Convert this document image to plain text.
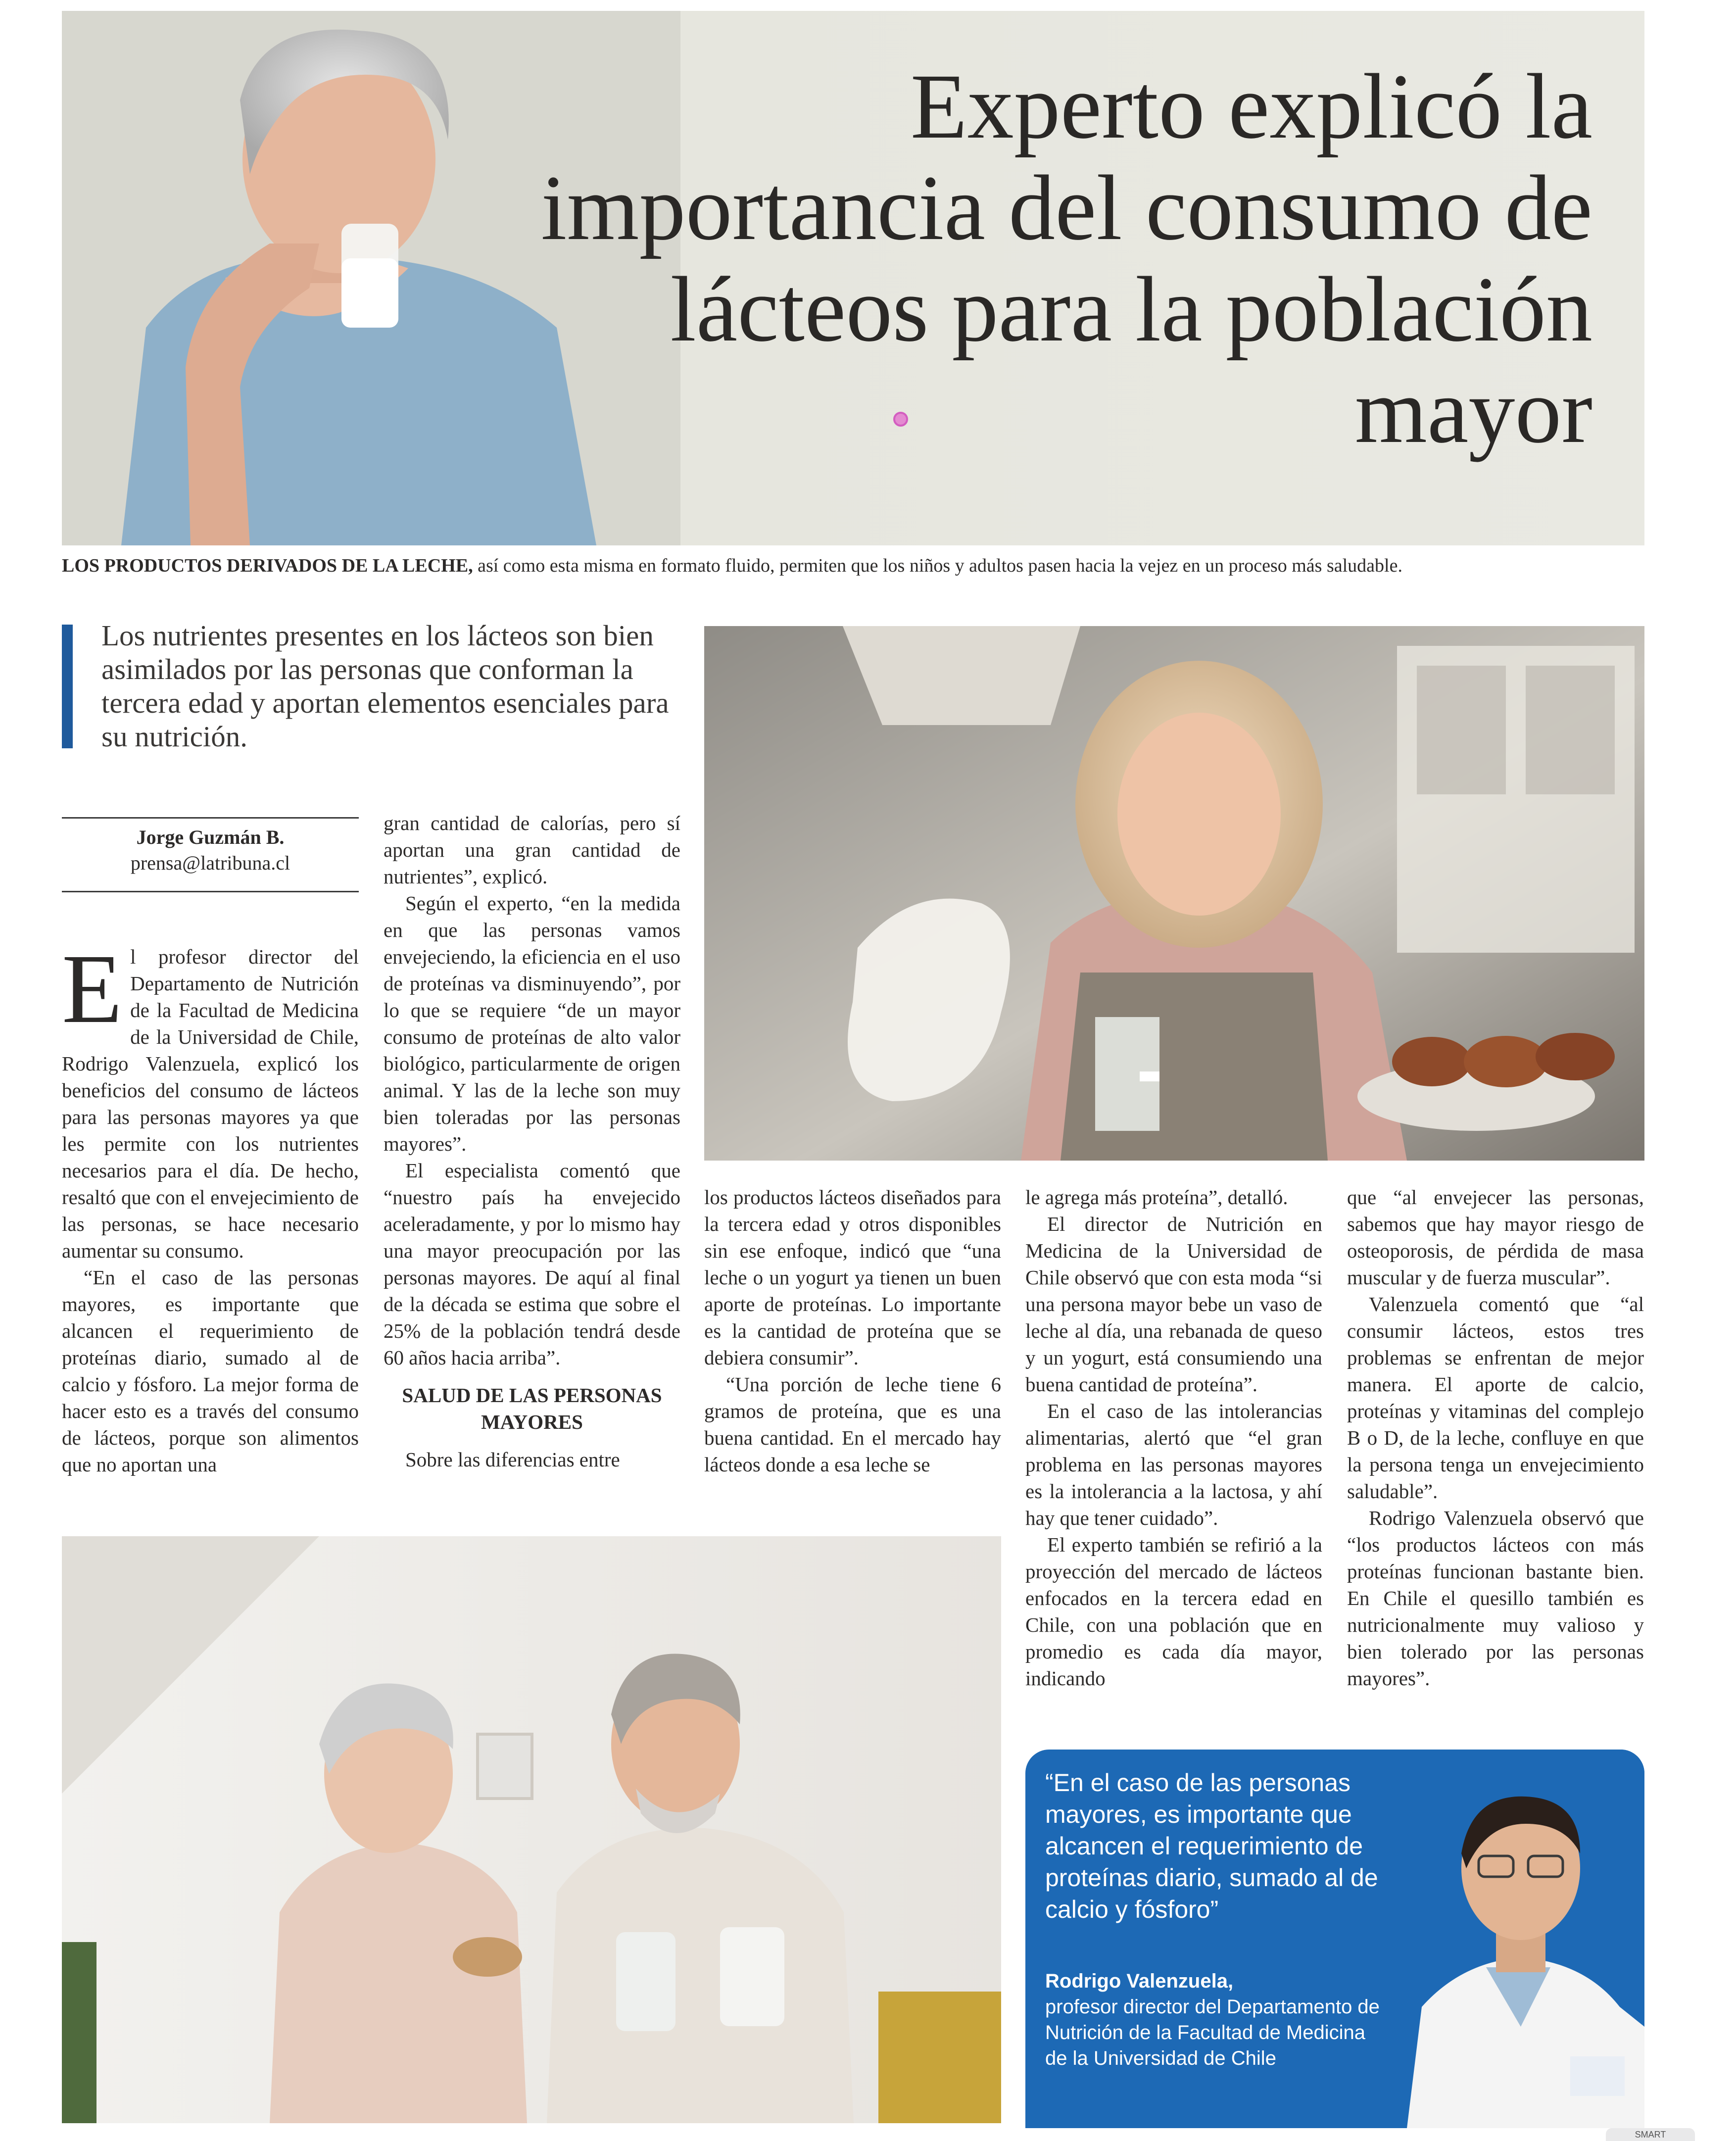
Experto explicó la importancia del consumo de lácteos para la población mayor
LOS PRODUCTOS DERIVADOS DE LA LECHE, así como esta misma en formato fluido, permiten que los niños y adultos pasen hacia la vejez en un proceso más saludable.
Los nutrientes presentes en los lácteos son bien asimilados por las personas que conforman la tercera edad y aportan elementos esenciales para su nutrición.
Jorge Guzmán B.
prensa@latribuna.cl

El profesor director del Departamento de Nutrición de la Facultad de Medicina de la Universidad de Chile, Rodrigo Valenzuela, explicó los beneficios del consumo de lácteos para las personas mayores ya que les permite con los nutrientes necesarios para el día. De hecho, resaltó que con el envejecimiento de las personas, se hace necesario aumentar su consumo.

“En el caso de las personas mayores, es importante que alcancen el requerimiento de proteínas diario, sumado al de calcio y fósforo. La mejor forma de hacer esto es a través del consumo de lácteos, porque son alimentos que no aportan una

gran cantidad de calorías, pero sí aportan una gran cantidad de nutrientes”, explicó.

Según el experto, “en la medida en que las personas vamos envejeciendo, la eficiencia en el uso de proteínas va disminuyendo”, por lo que se requiere “de un mayor consumo de proteínas de alto valor biológico, particularmente de origen animal. Y las de la leche son muy bien toleradas por las personas mayores”.

El especialista comentó que “nuestro país ha envejecido aceleradamente, y por lo mismo hay una mayor preocupación por las personas mayores. De aquí al final de la década se estima que sobre el 25% de la población tendrá desde 60 años hacia arriba”.

SALUD DE LAS PERSONAS MAYORES

Sobre las diferencias entre

los productos lácteos diseñados para la tercera edad y otros disponibles sin ese enfoque, indicó que “una leche o un yogurt ya tienen un buen aporte de proteínas. Lo importante es la cantidad de proteína que se debiera consumir”.

“Una porción de leche tiene 6 gramos de proteína, que es una buena cantidad. En el mercado hay lácteos donde a esa leche se

le agrega más proteína”, detalló.

El director de Nutrición en Medicina de la Universidad de Chile observó que con esta moda “si una persona mayor bebe un vaso de leche al día, una rebanada de queso y un yogurt, está consumiendo una buena cantidad de proteína”.

En el caso de las intolerancias alimentarias, alertó que “el gran problema en las personas mayores es la intolerancia a la lactosa, y ahí hay que tener cuidado”.

El experto también se refirió a la proyección del mercado de lácteos enfocados en la tercera edad en Chile, con una población que en promedio es cada día mayor, indicando

que “al envejecer las personas, sabemos que hay mayor riesgo de osteoporosis, de pérdida de masa muscular y de fuerza muscular”.

Valenzuela comentó que “al consumir lácteos, estos tres problemas se enfrentan de mejor manera. El aporte de calcio, proteínas y vitaminas del complejo B o D, de la leche, confluye en que la persona tenga un envejecimiento saludable”.

Rodrigo Valenzuela observó que “los productos lácteos con más proteínas funcionan bastante bien. En Chile el quesillo también es nutricionalmente muy valioso y bien tolerado por las personas mayores”.

“En el caso de las personas mayores, es importante que alcancen el requerimiento de proteínas diario, sumado al de calcio y fósforo”
Rodrigo Valenzuela,
profesor director del Departamento de Nutrición de la Facultad de Medicina de la Universidad de Chile
SMART
